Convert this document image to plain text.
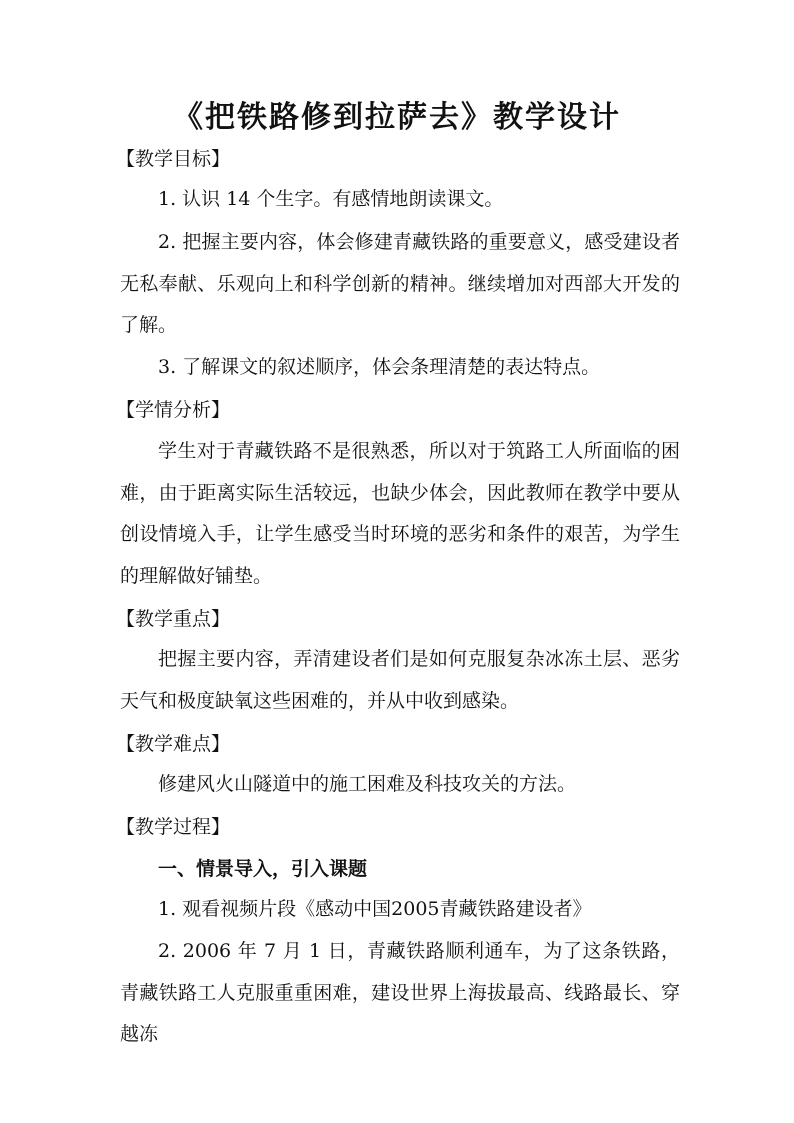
《把铁路修到拉萨去》教学设计
【教学目标】

1. 认识 14 个生字。有感情地朗读课文。

2. 把握主要内容，体会修建青藏铁路的重要意义，感受建设者无私奉献、乐观向上和科学创新的精神。继续增加对西部大开发的了解。

3. 了解课文的叙述顺序，体会条理清楚的表达特点。

【学情分析】

学生对于青藏铁路不是很熟悉，所以对于筑路工人所面临的困难，由于距离实际生活较远，也缺少体会，因此教师在教学中要从创设情境入手，让学生感受当时环境的恶劣和条件的艰苦，为学生的理解做好铺垫。

【教学重点】

把握主要内容，弄清建设者们是如何克服复杂冰冻土层、恶劣天气和极度缺氧这些困难的，并从中收到感染。

【教学难点】

修建风火山隧道中的施工困难及科技攻关的方法。

【教学过程】
一、情景导入，引入课题

1. 观看视频片段《感动中国2005青藏铁路建设者》

2. 2006 年 7 月 1 日，青藏铁路顺利通车，为了这条铁路，青藏铁路工人克服重重困难，建设世界上海拔最高、线路最长、穿越冻
